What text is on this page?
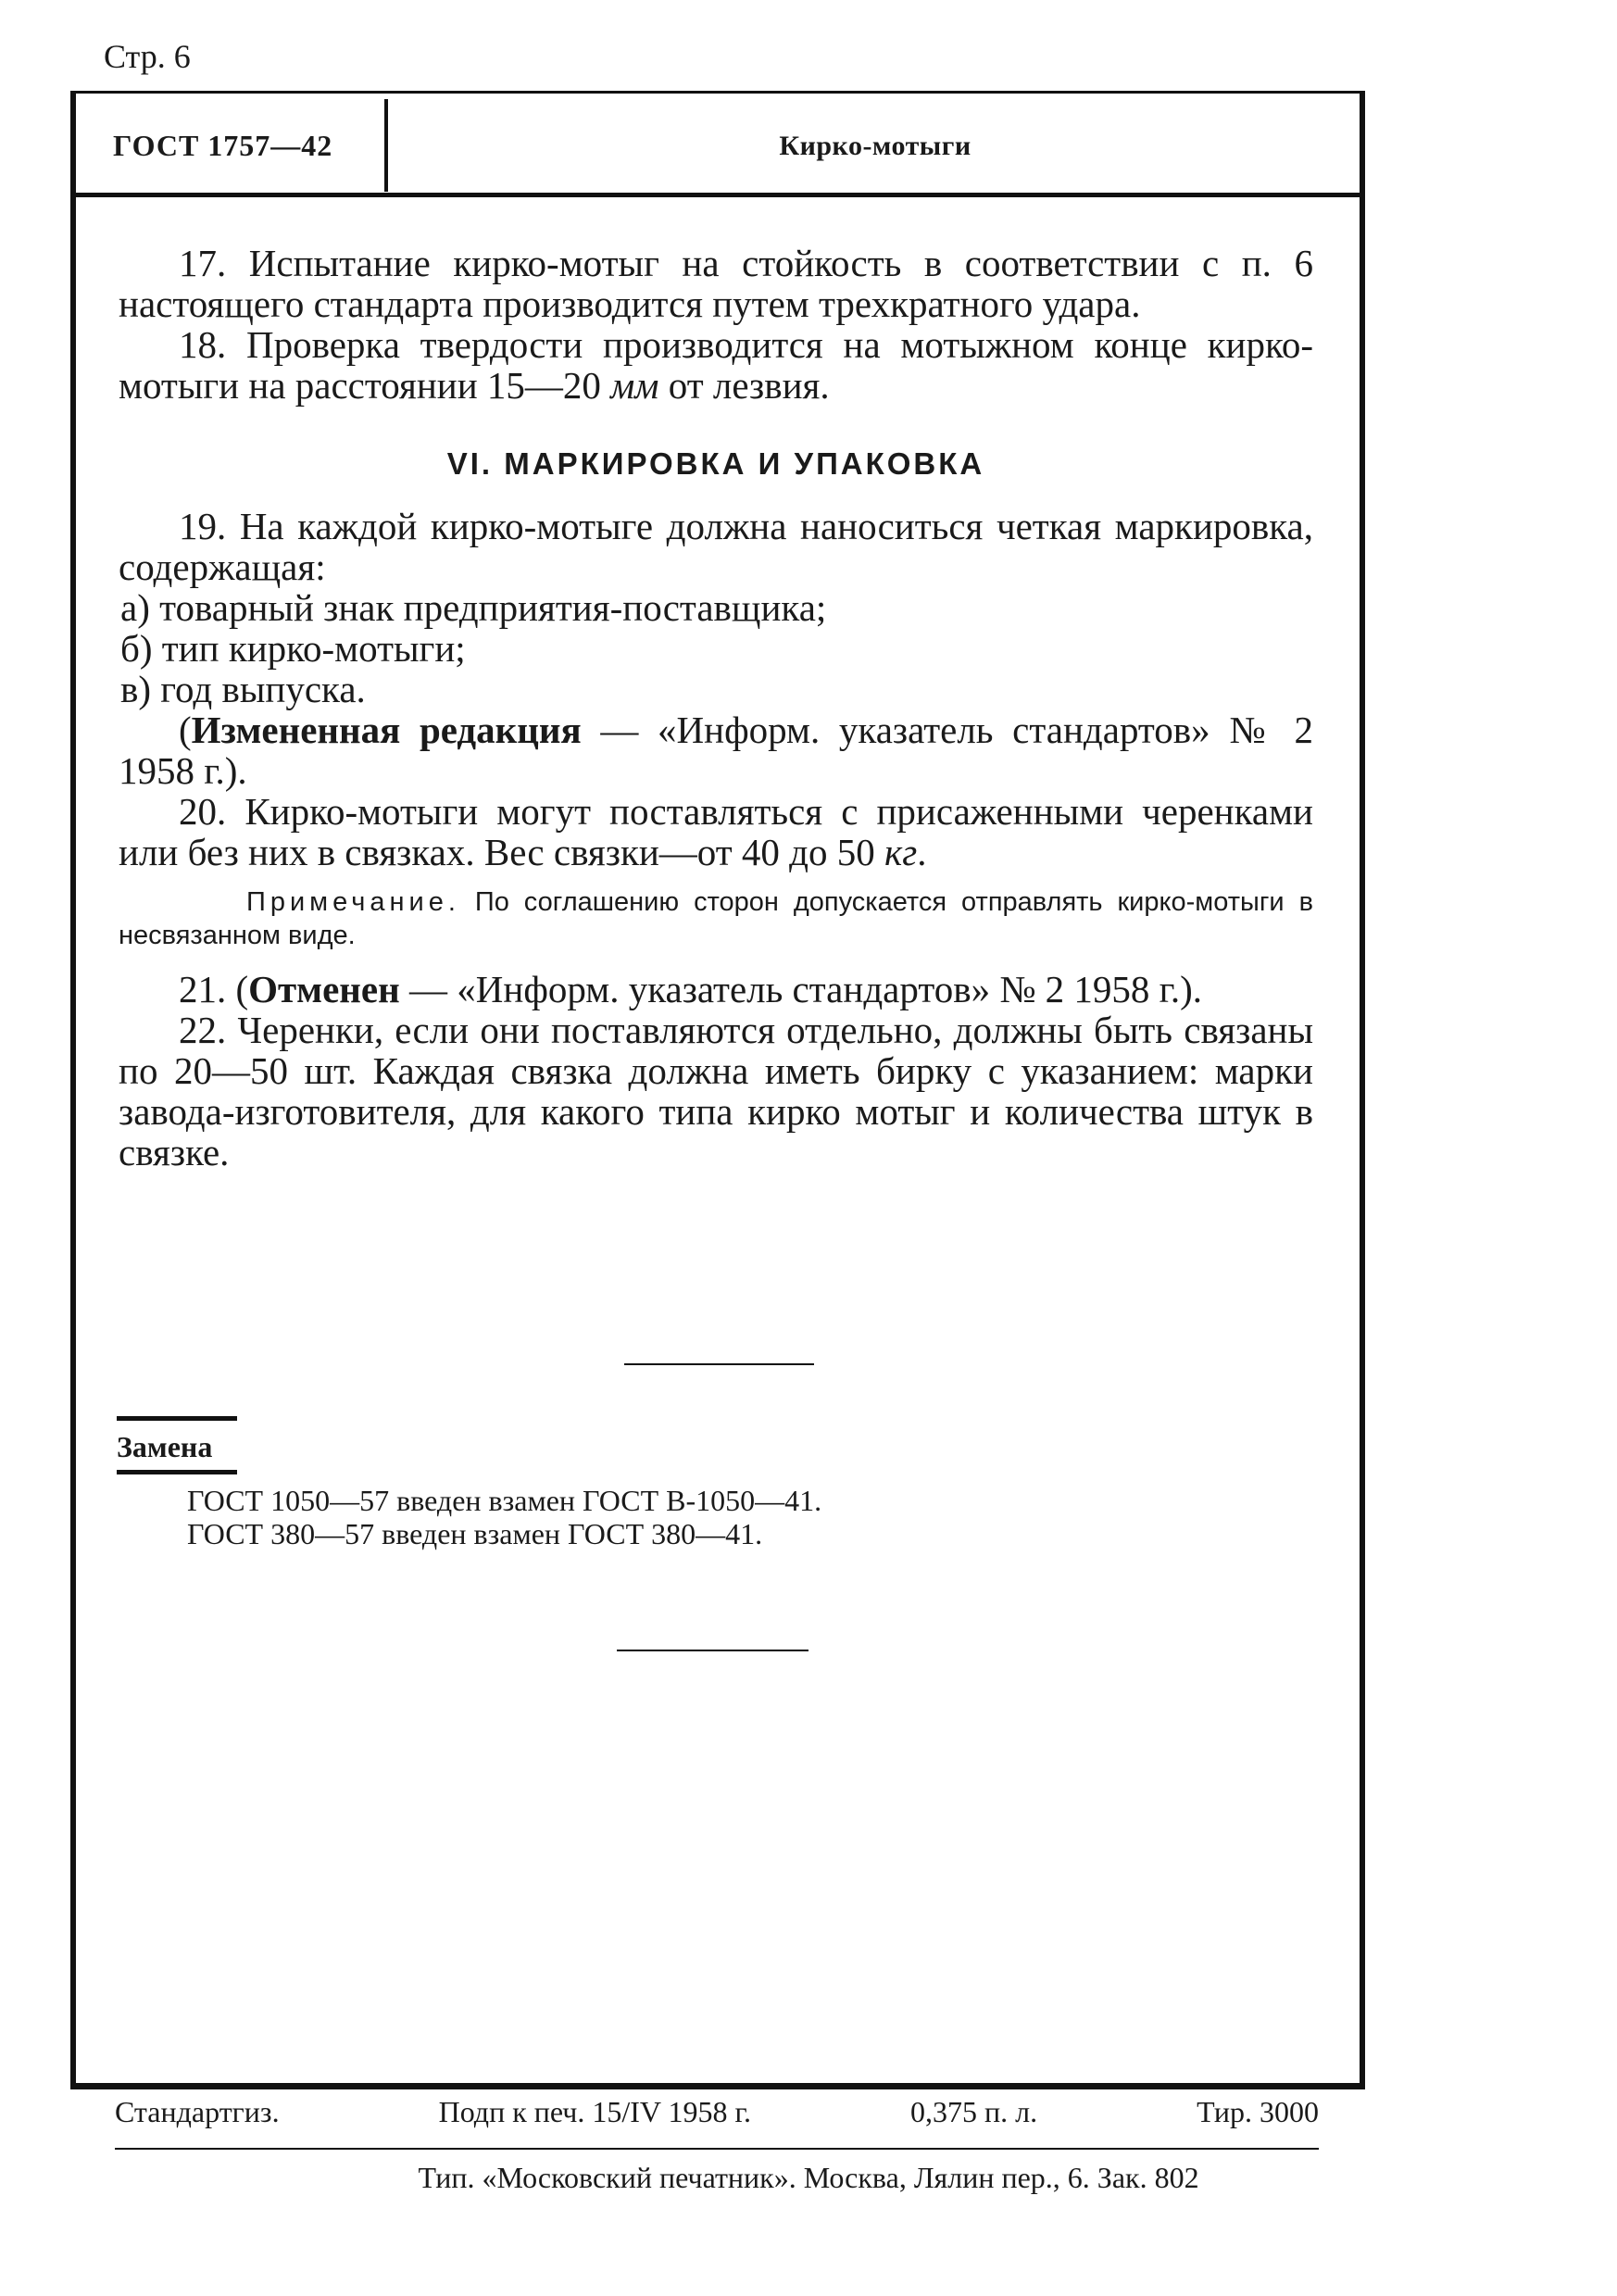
Стр. 6
ГОСТ 1757—42	Кирко-мотыги

17. Испытание кирко-мотыг на стойкость в соответствии с п. 6 настоящего стандарта производится путем трехкратного удара.

18. Проверка твердости производится на мотыжном конце кирко-мотыги на расстоянии 15—20 мм от лезвия.

VI. МАРКИРОВКА И УПАКОВКА

19. На каждой кирко-мотыге должна наноситься четкая маркировка, содержащая:

а) товарный знак предприятия-поставщика;

б) тип кирко-мотыги;

в) год выпуска.

(Измененная редакция — «Информ. указатель стандартов» № 2 1958 г.).

20. Кирко-мотыги могут поставляться с присаженными черенками или без них в связках. Вес связки—от 40 до 50 кг.

Примечание. По соглашению сторон допускается отправлять кирко-мотыги в несвязанном виде.

21. (Отменен — «Информ. указатель стандартов» № 2 1958 г.).

22. Черенки, если они поставляются отдельно, должны быть связаны по 20—50 шт. Каждая связка должна иметь бирку с указанием: марки завода-изготовителя, для какого типа кирко мотыг и количества штук в связке.

Замена
ГОСТ 1050—57 введен взамен ГОСТ В-1050—41.
ГОСТ 380—57 введен взамен ГОСТ 380—41.
Стандартгиз.	Подп к печ. 15/IV 1958 г.	0,375 п. л.	Тир. 3000
Тип. «Московский печатник». Москва, Лялин пер., 6. Зак. 802
